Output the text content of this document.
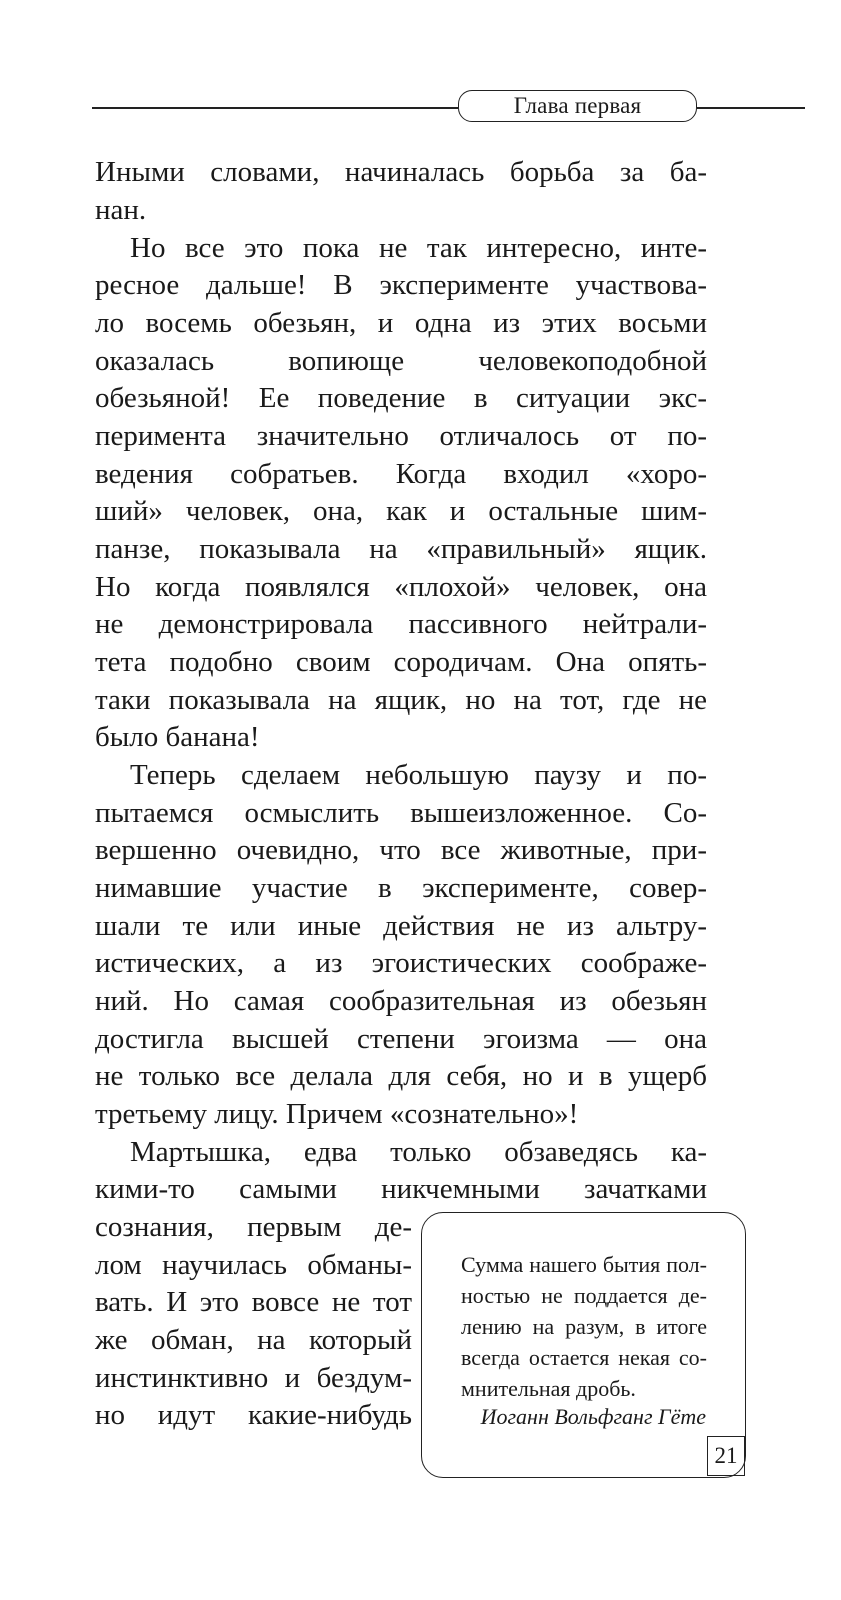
Глава первая
Иными словами, начиналась борьба за ба-
нан.
Но все это пока не так интересно, инте-
ресное дальше! В эксперименте участвова-
ло восемь обезьян, и одна из этих восьми
оказалась вопиюще человекоподобной
обезьяной! Ее поведение в ситуации экс-
перимента значительно отличалось от по-
ведения собратьев. Когда входил «хоро-
ший» человек, она, как и остальные шим-
панзе, показывала на «правильный» ящик.
Но когда появлялся «плохой» человек, она
не демонстрировала пассивного нейтрали-
тета подобно своим сородичам. Она опять-
таки показывала на ящик, но на тот, где не
было банана!
Теперь сделаем небольшую паузу и по-
пытаемся осмыслить вышеизложенное. Со-
вершенно очевидно, что все животные, при-
нимавшие участие в эксперименте, совер-
шали те или иные действия не из альтру-
истических, а из эгоистических соображе-
ний. Но самая сообразительная из обезьян
достигла высшей степени эгоизма — она
не только все делала для себя, но и в ущерб
третьему лицу. Причем «сознательно»!
Мартышка, едва только обзаведясь ка-
кими-то самыми никчемными зачатками
сознания, первым де-
лом научилась обманы-
вать. И это вовсе не тот
же обман, на который
инстинктивно и бездум-
но идут какие-нибудь
Сумма нашего бытия пол-
ностью не поддается де-
лению на разум, в итоге
всегда остается некая со-
мнительная дробь.
Иоганн Вольфганг Гёте
21
